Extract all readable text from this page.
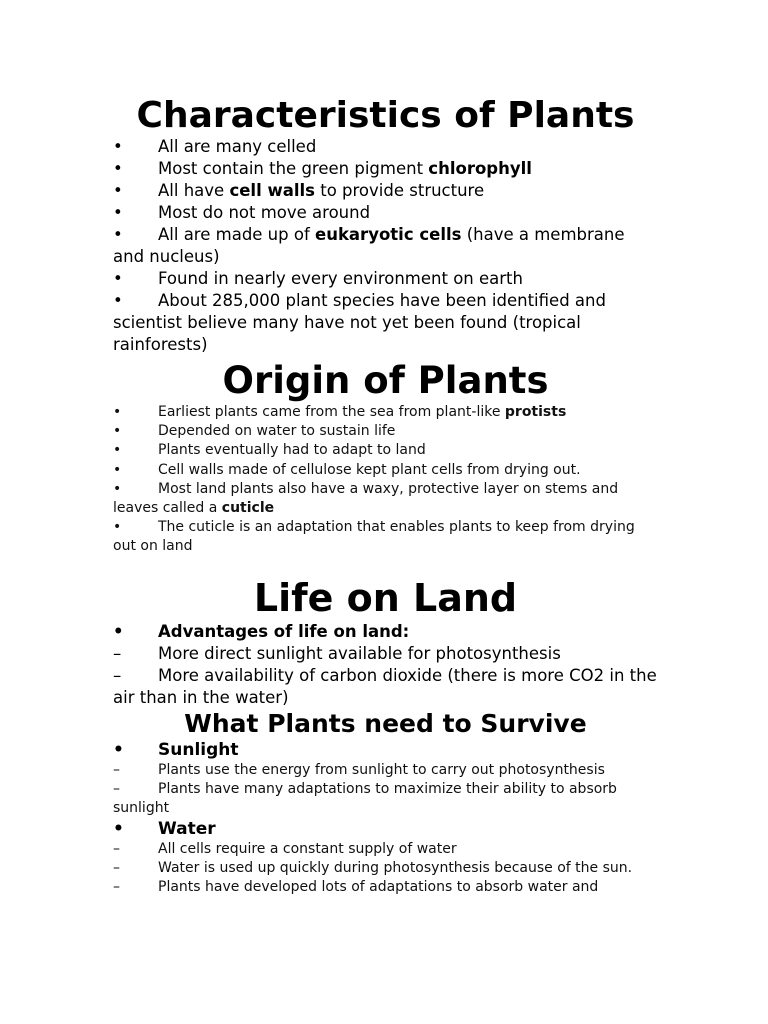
Characteristics of Plants
• All are many celled
• Most contain the green pigment chlorophyll
• All have cell walls to provide structure
• Most do not move around
• All are made up of eukaryotic cells (have a membrane and nucleus)
• Found in nearly every environment on earth
• About 285,000 plant species have been identified and scientist believe many have not yet been found (tropical rainforests)
Origin of Plants
•	Earliest plants came from the sea from plant-like protists
•	Depended on water to sustain life
•	Plants eventually had to adapt to land
•	Cell walls made of cellulose kept plant cells from drying out.
•	Most land plants also have a waxy, protective layer on stems and leaves called a cuticle
•	The cuticle is an adaptation that enables plants to keep from drying out on land
Life on Land
• Advantages of life on land:
– More direct sunlight available for photosynthesis
– More availability of carbon dioxide (there is more CO2 in the air than in the water)
What Plants need to Survive
• Sunlight
–	Plants use the energy from sunlight to carry out photosynthesis
–	Plants have many adaptations to maximize their ability to absorb sunlight
• Water
–	All cells require a constant supply of water
–	Water is used up quickly during photosynthesis because of the sun.
–	Plants have developed lots of adaptations to absorb water and
